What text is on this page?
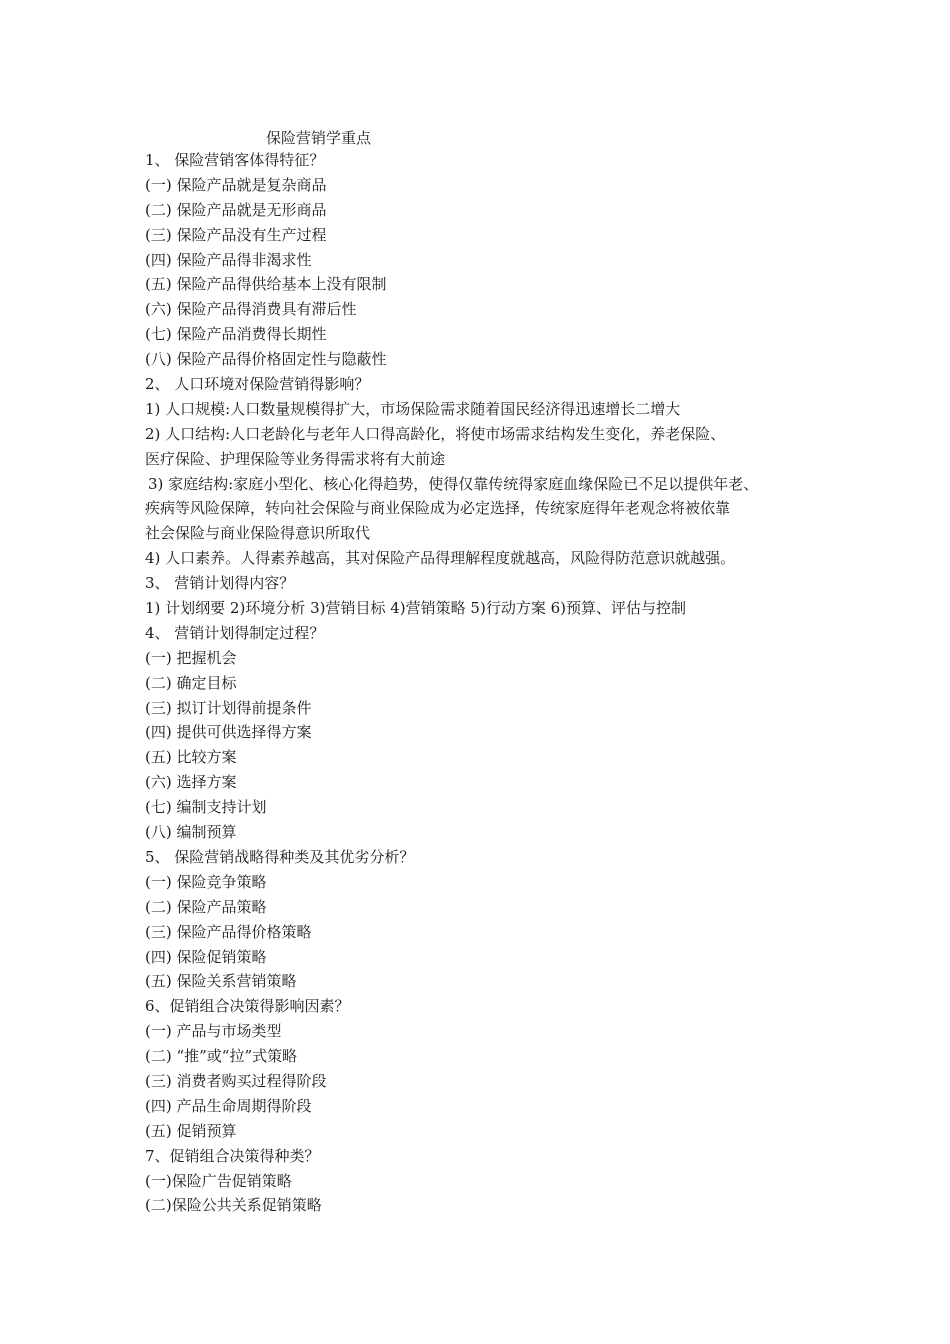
保险营销学重点
1、 保险营销客体得特征？
(一) 保险产品就是复杂商品
(二) 保险产品就是无形商品
(三) 保险产品没有生产过程
(四) 保险产品得非渴求性
(五) 保险产品得供给基本上没有限制
(六) 保险产品得消费具有滞后性
(七) 保险产品消费得长期性
(八) 保险产品得价格固定性与隐蔽性
2、 人口环境对保险营销得影响？
1) 人口规模:人口数量规模得扩大，市场保险需求随着国民经济得迅速增长二增大
2) 人口结构:人口老龄化与老年人口得高龄化，将使市场需求结构发生变化，养老保险、
医疗保险、护理保险等业务得需求将有大前途
3) 家庭结构:家庭小型化、核心化得趋势，使得仅靠传统得家庭血缘保险已不足以提供年老、
疾病等风险保障，转向社会保险与商业保险成为必定选择，传统家庭得年老观念将被依靠
社会保险与商业保险得意识所取代
4) 人口素养。人得素养越高，其对保险产品得理解程度就越高，风险得防范意识就越强。
3、 营销计划得内容？
1) 计划纲要 2)环境分析 3)营销目标 4)营销策略 5)行动方案 6)预算、评估与控制
4、 营销计划得制定过程？
(一) 把握机会
(二) 确定目标
(三) 拟订计划得前提条件
(四) 提供可供选择得方案
(五) 比较方案
(六) 选择方案
(七) 编制支持计划
(八) 编制预算
5、 保险营销战略得种类及其优劣分析？
(一) 保险竞争策略
(二) 保险产品策略
(三) 保险产品得价格策略
(四) 保险促销策略
(五) 保险关系营销策略
6、促销组合决策得影响因素？
(一) 产品与市场类型
(二) “推”或“拉”式策略
(三) 消费者购买过程得阶段
(四) 产品生命周期得阶段
(五) 促销预算
7、促销组合决策得种类？
(一)保险广告促销策略
(二)保险公共关系促销策略
